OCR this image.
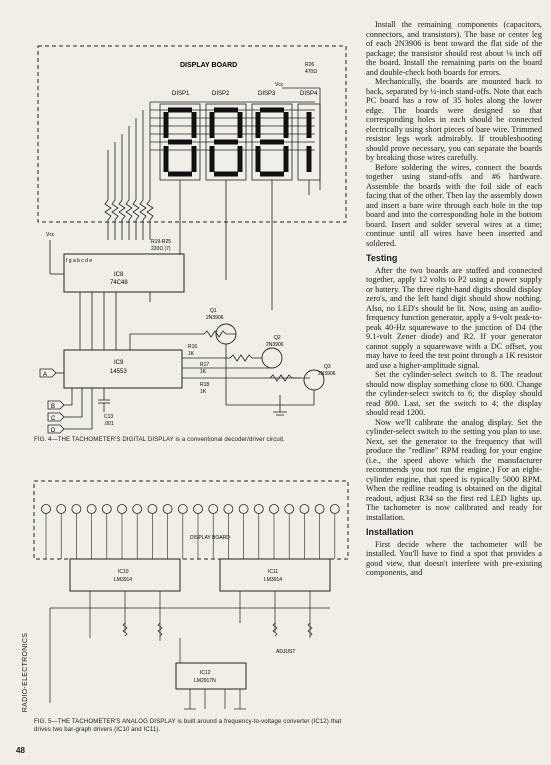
DISPLAY BOARD	R26
470Ω
Vcc
DISP1	DISP2	DISP3	DISP4
R19-R25
220Ω (7)
f g a b c d e
IC8
74C48
Vcc
IC9
14553
R16
1K
R17
1K
R18
1K
Q1
2N3906
Q2
2N3906
Q3
2N3906
C13
.001
A
B
C
D
FIG. 4—THE TACHOMETER'S DIGITAL DISPLAY is a conventional decoder/driver circuit.
DISPLAY BOARD
IC10
LM3914
IC11
LM3914
ADJUST
IC12
LM2917N
FIG. 5—THE TACHOMETER'S ANALOG DISPLAY is built around a frequency-to-voltage converter (IC12) that drives two bar-graph drivers (IC10 and IC11).
RADIO-ELECTRONICS
48

Install the remaining components (capacitors, connectors, and transistors). The base or center leg of each 2N3906 is bent toward the flat side of the package; the transistor should rest about ⅛ inch off the board. Install the remaining parts on the board and double-check both boards for errors.

Mechanically, the boards are mounted back to back, separated by ½-inch stand-offs. Note that each PC board has a row of 35 holes along the lower edge. The boards were designed so that corresponding holes in each should be connected electrically using short pieces of bare wire. Trimmed resistor legs work admirably. If troubleshooting should prove necessary, you can separate the boards by breaking those wires carefully.

Before soldering the wires, connect the boards together using stand-offs and #6 hardware. Assemble the boards with the foil side of each facing that of the other. Then lay the assembly down and insert a bare wire through each hole in the top board and into the corresponding hole in the bottom board. Insert and solder several wires at a time; continue until all wires have been inserted and soldered.

Testing

After the two boards are stuffed and connected together, apply 12 volts to P2 using a power supply or battery. The three right-hand digits should display zero's, and the left hand digit should show nothing. Also, no LED's should be lit. Now, using an audio-frequency function generator, apply a 9-volt peak-to-peak 40-Hz squarewave to the junction of D4 (the 9.1-volt Zener diode) and R2. If your generator cannot supply a squarewave with a DC offset, you may have to feed the test point through a 1K resistor and use a higher-amplitude signal.

Set the cylinder-select switch to 8. The readout should now display something close to 600. Change the cylinder-select switch to 6; the display should read 800. Last, set the switch to 4; the display should read 1200.

Now we'll calibrate the analog display. Set the cylinder-select switch to the setting you plan to use. Next, set the generator to the frequency that will produce the "redline" RPM reading for your engine (i.e., the speed above which the manufacturer recommends you not run the engine.) For an eight-cylinder engine, that speed is typically 5000 RPM. When the redline reading is obtained on the digital readout, adjust R34 so the first red LED lights up. The tachometer is now calibrated and ready for installation.

Installation

First decide where the tachometer will be installed. You'll have to find a spot that provides a good view, that doesn't interfere with pre-existing components, and
